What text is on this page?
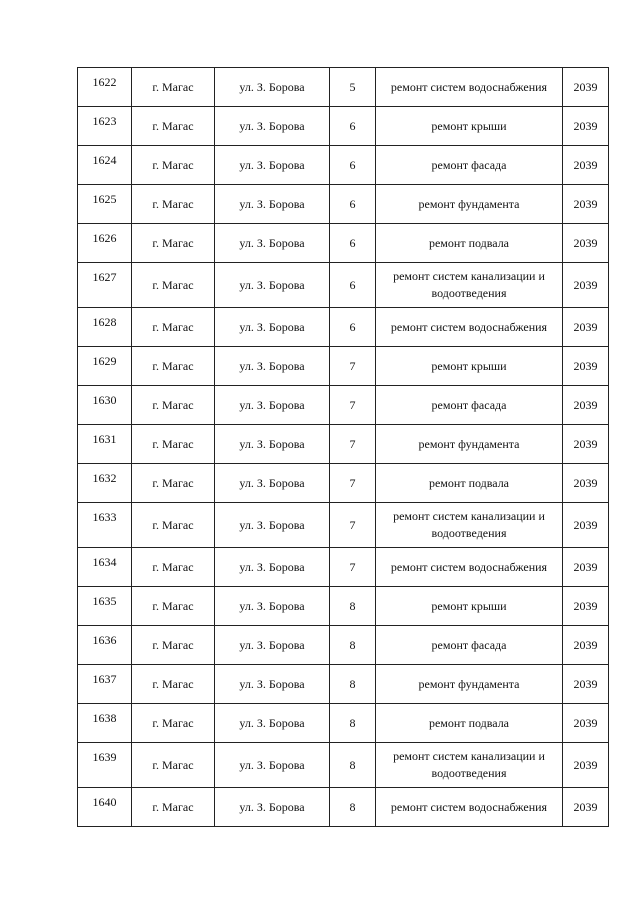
1622	г. Магас	ул. З. Борова	5	ремонт систем водоснабжения	2039
1623	г. Магас	ул. З. Борова	6	ремонт крыши	2039
1624	г. Магас	ул. З. Борова	6	ремонт фасада	2039
1625	г. Магас	ул. З. Борова	6	ремонт фундамента	2039
1626	г. Магас	ул. З. Борова	6	ремонт подвала	2039
1627	г. Магас	ул. З. Борова	6	ремонт систем канализации и водоотведения	2039
1628	г. Магас	ул. З. Борова	6	ремонт систем водоснабжения	2039
1629	г. Магас	ул. З. Борова	7	ремонт крыши	2039
1630	г. Магас	ул. З. Борова	7	ремонт фасада	2039
1631	г. Магас	ул. З. Борова	7	ремонт фундамента	2039
1632	г. Магас	ул. З. Борова	7	ремонт подвала	2039
1633	г. Магас	ул. З. Борова	7	ремонт систем канализации и водоотведения	2039
1634	г. Магас	ул. З. Борова	7	ремонт систем водоснабжения	2039
1635	г. Магас	ул. З. Борова	8	ремонт крыши	2039
1636	г. Магас	ул. З. Борова	8	ремонт фасада	2039
1637	г. Магас	ул. З. Борова	8	ремонт фундамента	2039
1638	г. Магас	ул. З. Борова	8	ремонт подвала	2039
1639	г. Магас	ул. З. Борова	8	ремонт систем канализации и водоотведения	2039
1640	г. Магас	ул. З. Борова	8	ремонт систем водоснабжения	2039
